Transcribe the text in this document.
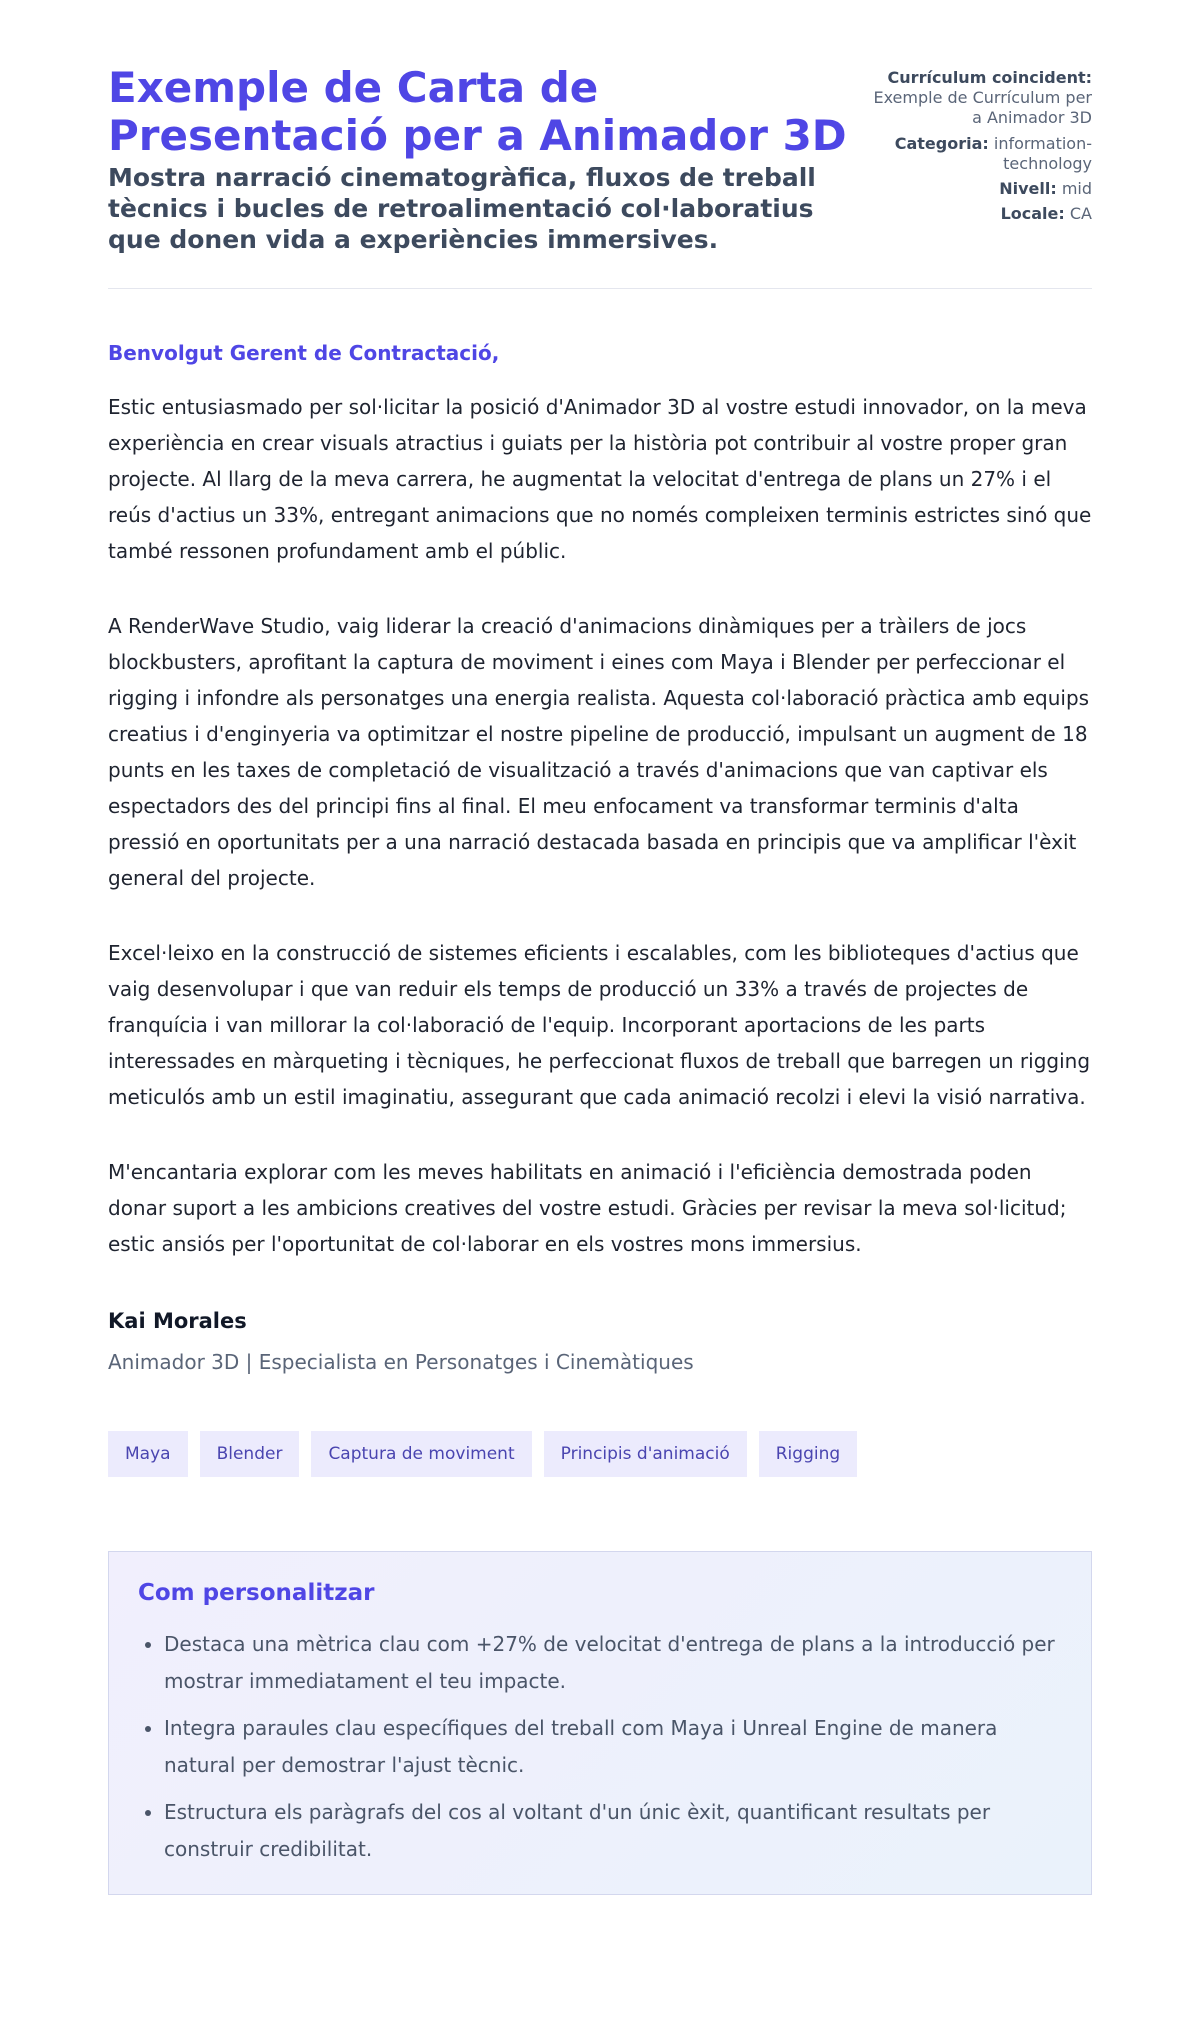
Exemple de Carta de Presentació per a Animador 3D
Mostra narració cinematogràfica, fluxos de treball tècnics i bucles de retroalimentació col·laboratius que donen vida a experiències immersives.
Currículum coincident: Exemple de Currículum per a Animador 3D
Categoria: information-technology
Nivell: mid
Locale: CA

Benvolgut Gerent de Contractació,

Estic entusiasmado per sol·licitar la posició d'Animador 3D al vostre estudi innovador, on la meva experiència en crear visuals atractius i guiats per la història pot contribuir al vostre proper gran projecte. Al llarg de la meva carrera, he augmentat la velocitat d'entrega de plans un 27% i el reús d'actius un 33%, entregant animacions que no només compleixen terminis estrictes sinó que també ressonen profundament amb el públic.

A RenderWave Studio, vaig liderar la creació d'animacions dinàmiques per a tràilers de jocs blockbusters, aprofitant la captura de moviment i eines com Maya i Blender per perfeccionar el rigging i infondre als personatges una energia realista. Aquesta col·laboració pràctica amb equips creatius i d'enginyeria va optimitzar el nostre pipeline de producció, impulsant un augment de 18 punts en les taxes de completació de visualització a través d'animacions que van captivar els espectadors des del principi fins al final. El meu enfocament va transformar terminis d'alta pressió en oportunitats per a una narració destacada basada en principis que va amplificar l'èxit general del projecte.

Excel·leixo en la construcció de sistemes eficients i escalables, com les biblioteques d'actius que vaig desenvolupar i que van reduir els temps de producció un 33% a través de projectes de franquícia i van millorar la col·laboració de l'equip. Incorporant aportacions de les parts interessades en màrqueting i tècniques, he perfeccionat fluxos de treball que barregen un rigging meticulós amb un estil imaginatiu, assegurant que cada animació recolzi i elevi la visió narrativa.

M'encantaria explorar com les meves habilitats en animació i l'eficiència demostrada poden donar suport a les ambicions creatives del vostre estudi. Gràcies per revisar la meva sol·licitud; estic ansiós per l'oportunitat de col·laborar en els vostres mons immersius.

Kai Morales

Animador 3D | Especialista en Personatges i Cinemàtiques

Maya	Blender	Captura de moviment	Principis d'animació	Rigging
Com personalitzar
• Destaca una mètrica clau com +27% de velocitat d'entrega de plans a la introducció per mostrar immediatament el teu impacte.
• Integra paraules clau específiques del treball com Maya i Unreal Engine de manera natural per demostrar l'ajust tècnic.
• Estructura els paràgrafs del cos al voltant d'un únic èxit, quantificant resultats per construir credibilitat.
